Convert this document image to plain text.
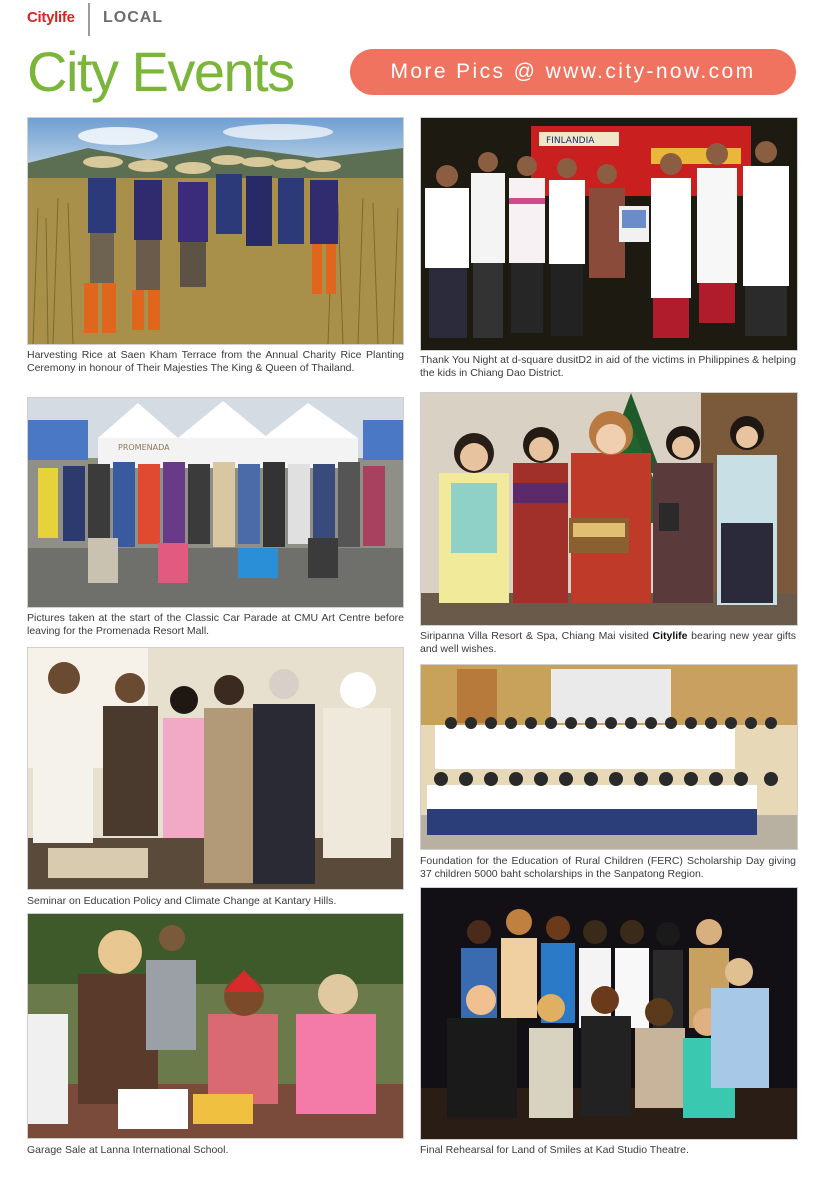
Citylife LOCAL
City Events	More Pics @ www.city-now.com

Harvesting Rice at Saen Kham Terrace from the Annual Charity Rice Planting Ceremony in honour of Their Majesties The King & Queen of Thailand.

FINLANDIA

Thank You Night at d-square dusitD2 in aid of the victims in Philippines & helping the kids in Chiang Dao District.

PROMENADA

Pictures taken at the start of the Classic Car Parade at CMU Art Centre before leaving for the Promenada Resort Mall.	Siripanna Villa Resort & Spa, Chiang Mai visited Citylife bearing new year gifts and well wishes.

Seminar on Education Policy and Climate Change at Kantary Hills.

Foundation for the Education of Rural Children (FERC) Scholarship Day giving 37 children 5000 baht scholarships in the Sanpatong Region.

Garage Sale at Lanna International School.	Final Rehearsal for Land of Smiles at Kad Studio Theatre.
